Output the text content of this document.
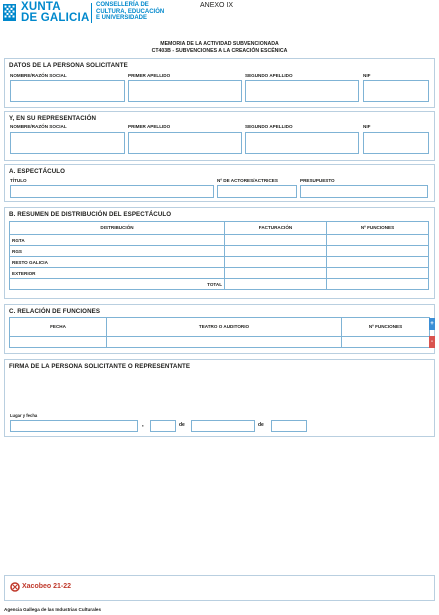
XUNTA
DE GALICIA
CONSELLERÍA DE
CULTURA, EDUCACIÓN
E UNIVERSIDADE
ANEXO IX
MEMORIA DE LA ACTIVIDAD SUBVENCIONADA
CT403B - SUBVENCIONES A LA CREACIÓN ESCÉNICA
DATOS DE LA PERSONA SOLICITANTE
NOMBRE/RAZÓN SOCIAL	PRIMER APELLIDO	SEGUNDO APELLIDO	NIF
Y, EN SU REPRESENTACIÓN
NOMBRE/RAZÓN SOCIAL	PRIMER APELLIDO	SEGUNDO APELLIDO	NIF
A. ESPECTÁCULO
TÍTULO	Nº DE ACTORES/ACTRICES	PRESUPUESTO
B. RESUMEN DE DISTRIBUCIÓN DEL ESPECTÁCULO
DISTRIBUCIÓN	FACTURACIÓN	Nº FUNCIONES
RGTA
RGS
RESTO GALICIA
EXTERIOR
TOTAL
C. RELACIÓN DE FUNCIONES
FECHA	TEATRO O AUDITORIO	Nº FUNCIONES	+
-
FIRMA DE LA PERSONA SOLICITANTE O REPRESENTANTE
Lugar y fecha
,	de	de
Xacobeo 21-22
Agencia Gallega de las Industrias Culturales
